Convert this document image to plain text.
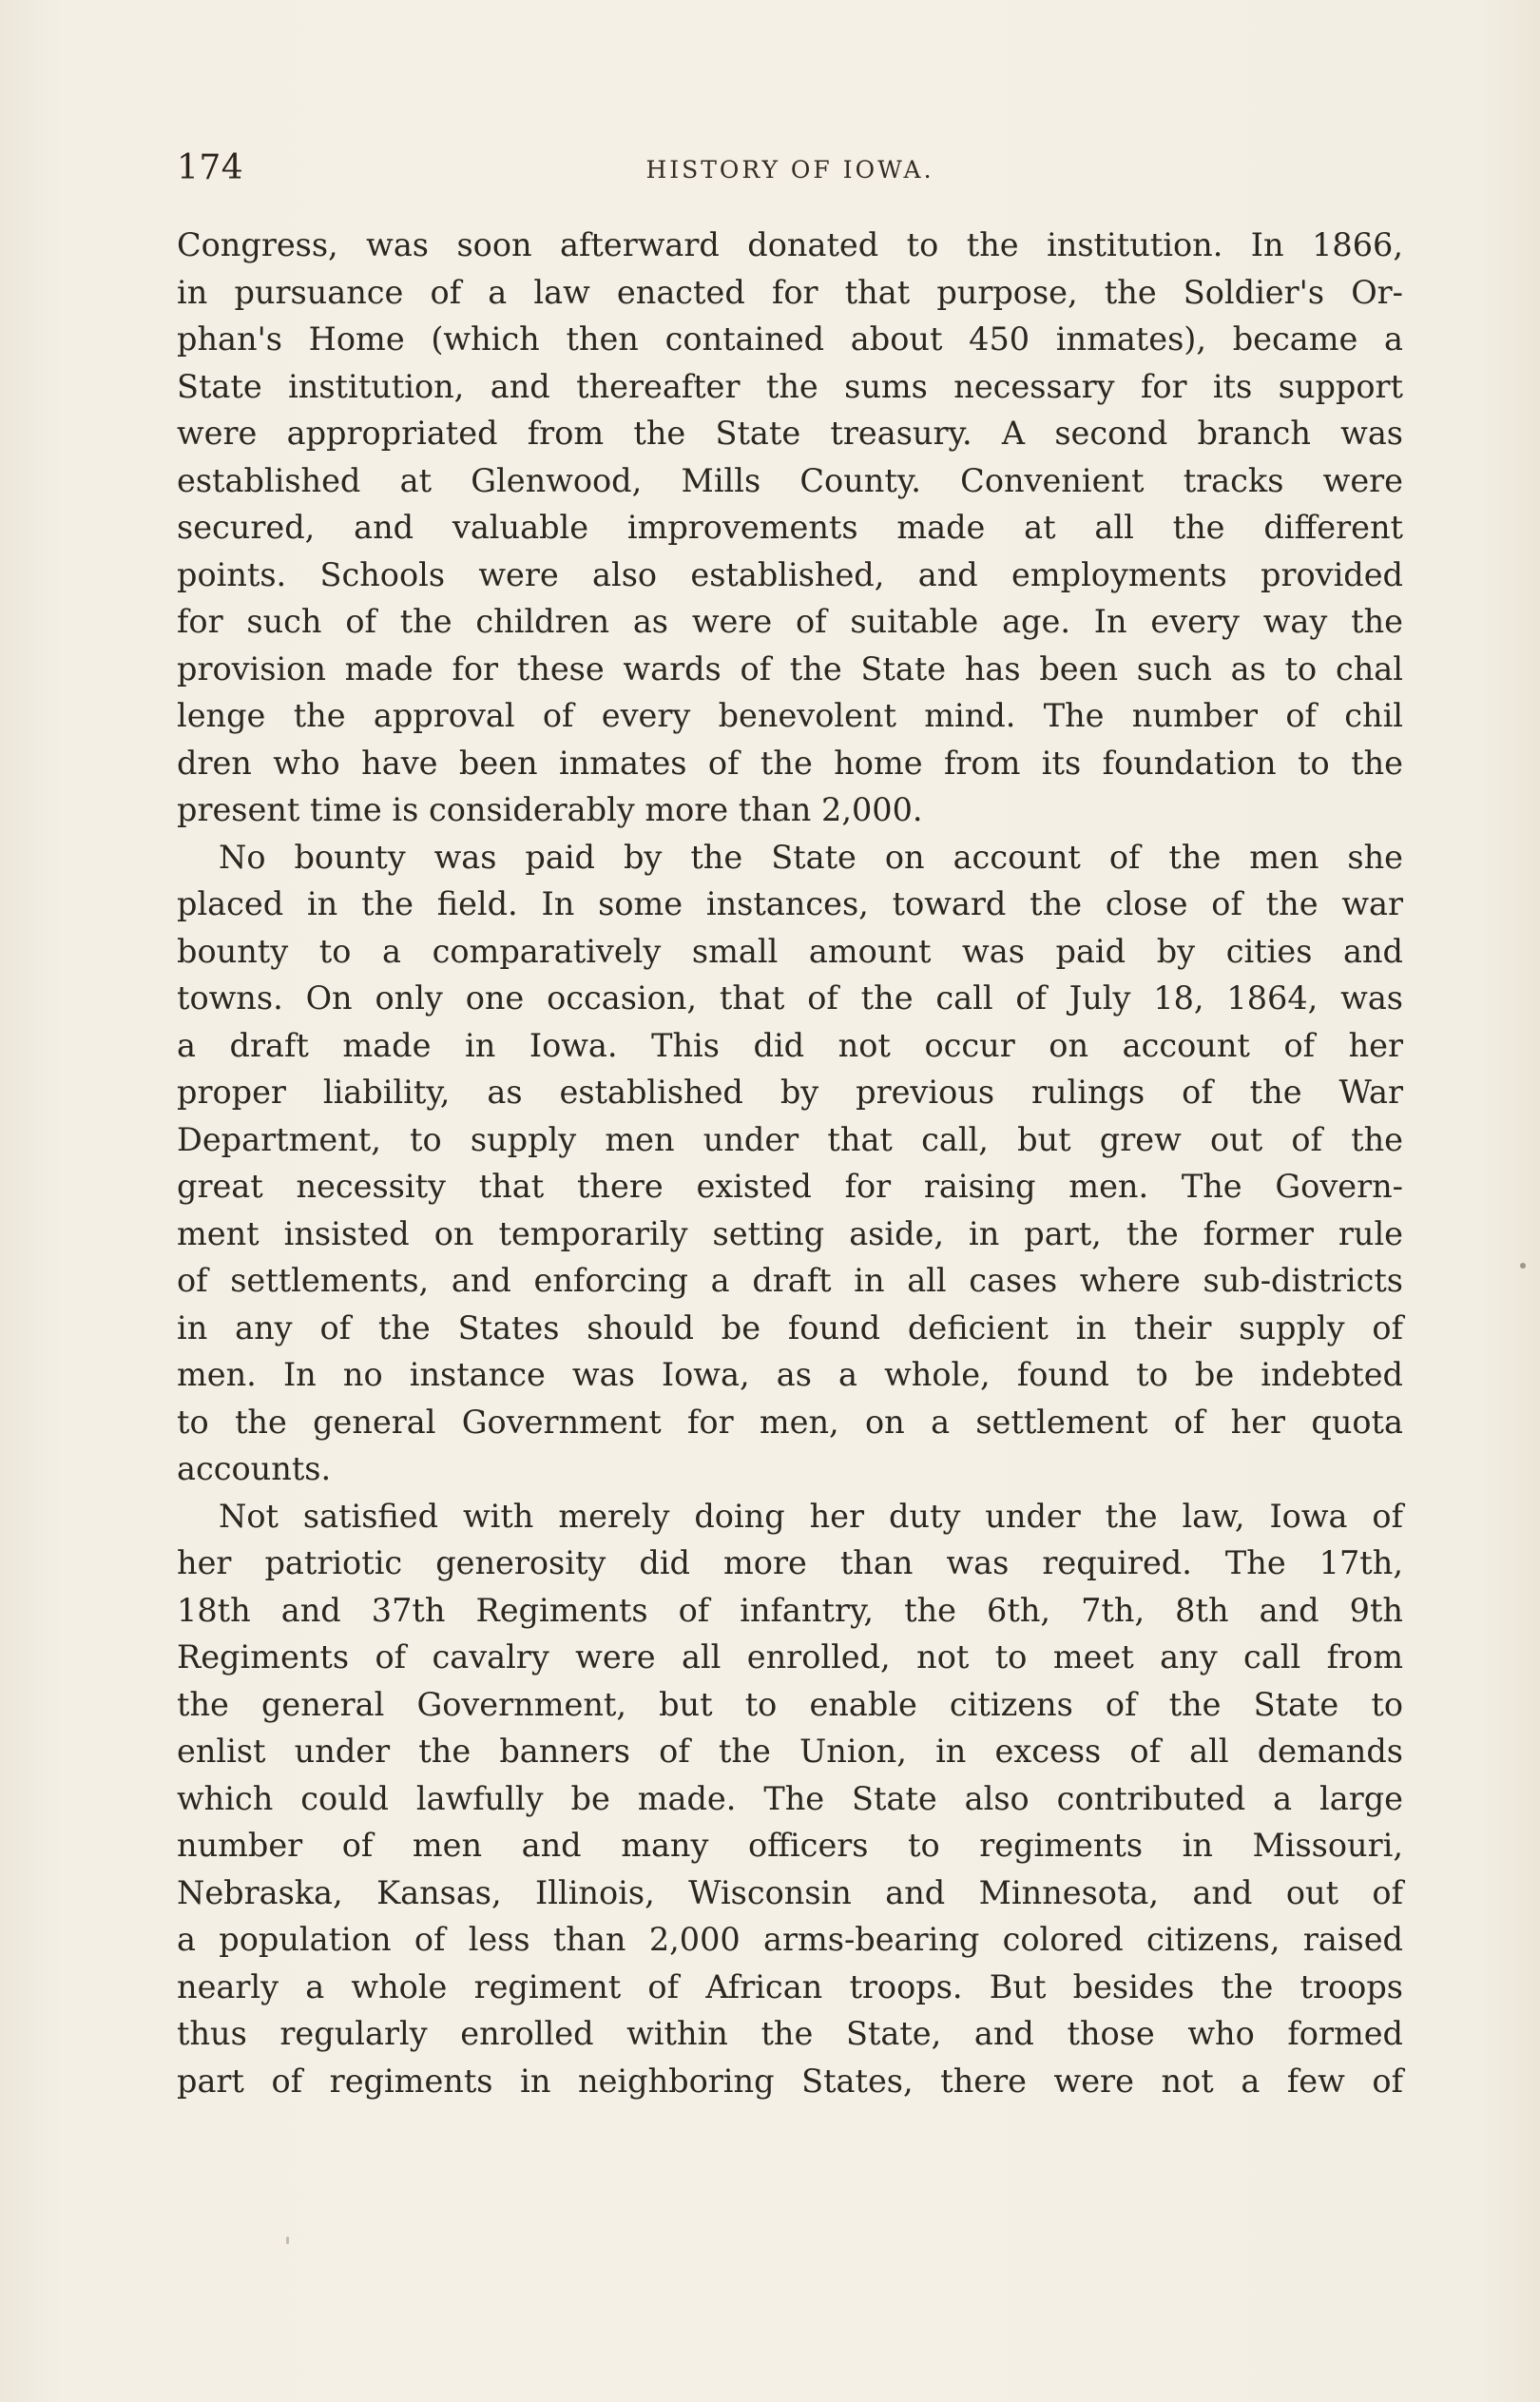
174	HISTORY OF IOWA.
Congress, was soon afterward donated to the institution. In 1866,
in pursuance of a law enacted for that purpose, the Soldier's Or-
phan's Home (which then contained about 450 inmates), became a
State institution, and thereafter the sums necessary for its support
were appropriated from the State treasury. A second branch was
established at Glenwood, Mills County. Convenient tracks were
secured, and valuable improvements made at all the different
points. Schools were also established, and employments provided
for such of the children as were of suitable age. In every way the
provision made for these wards of the State has been such as to chal
lenge the approval of every benevolent mind. The number of chil
dren who have been inmates of the home from its foundation to the
present time is considerably more than 2,000.
No bounty was paid by the State on account of the men she
placed in the field. In some instances, toward the close of the war
bounty to a comparatively small amount was paid by cities and
towns. On only one occasion, that of the call of July 18, 1864, was
a draft made in Iowa. This did not occur on account of her
proper liability, as established by previous rulings of the War
Department, to supply men under that call, but grew out of the
great necessity that there existed for raising men. The Govern-
ment insisted on temporarily setting aside, in part, the former rule
of settlements, and enforcing a draft in all cases where sub-districts
in any of the States should be found deficient in their supply of
men. In no instance was Iowa, as a whole, found to be indebted
to the general Government for men, on a settlement of her quota
accounts.
Not satisfied with merely doing her duty under the law, Iowa of
her patriotic generosity did more than was required. The 17th,
18th and 37th Regiments of infantry, the 6th, 7th, 8th and 9th
Regiments of cavalry were all enrolled, not to meet any call from
the general Government, but to enable citizens of the State to
enlist under the banners of the Union, in excess of all demands
which could lawfully be made. The State also contributed a large
number of men and many officers to regiments in Missouri,
Nebraska, Kansas, Illinois, Wisconsin and Minnesota, and out of
a population of less than 2,000 arms-bearing colored citizens, raised
nearly a whole regiment of African troops. But besides the troops
thus regularly enrolled within the State, and those who formed
part of regiments in neighboring States, there were not a few of
